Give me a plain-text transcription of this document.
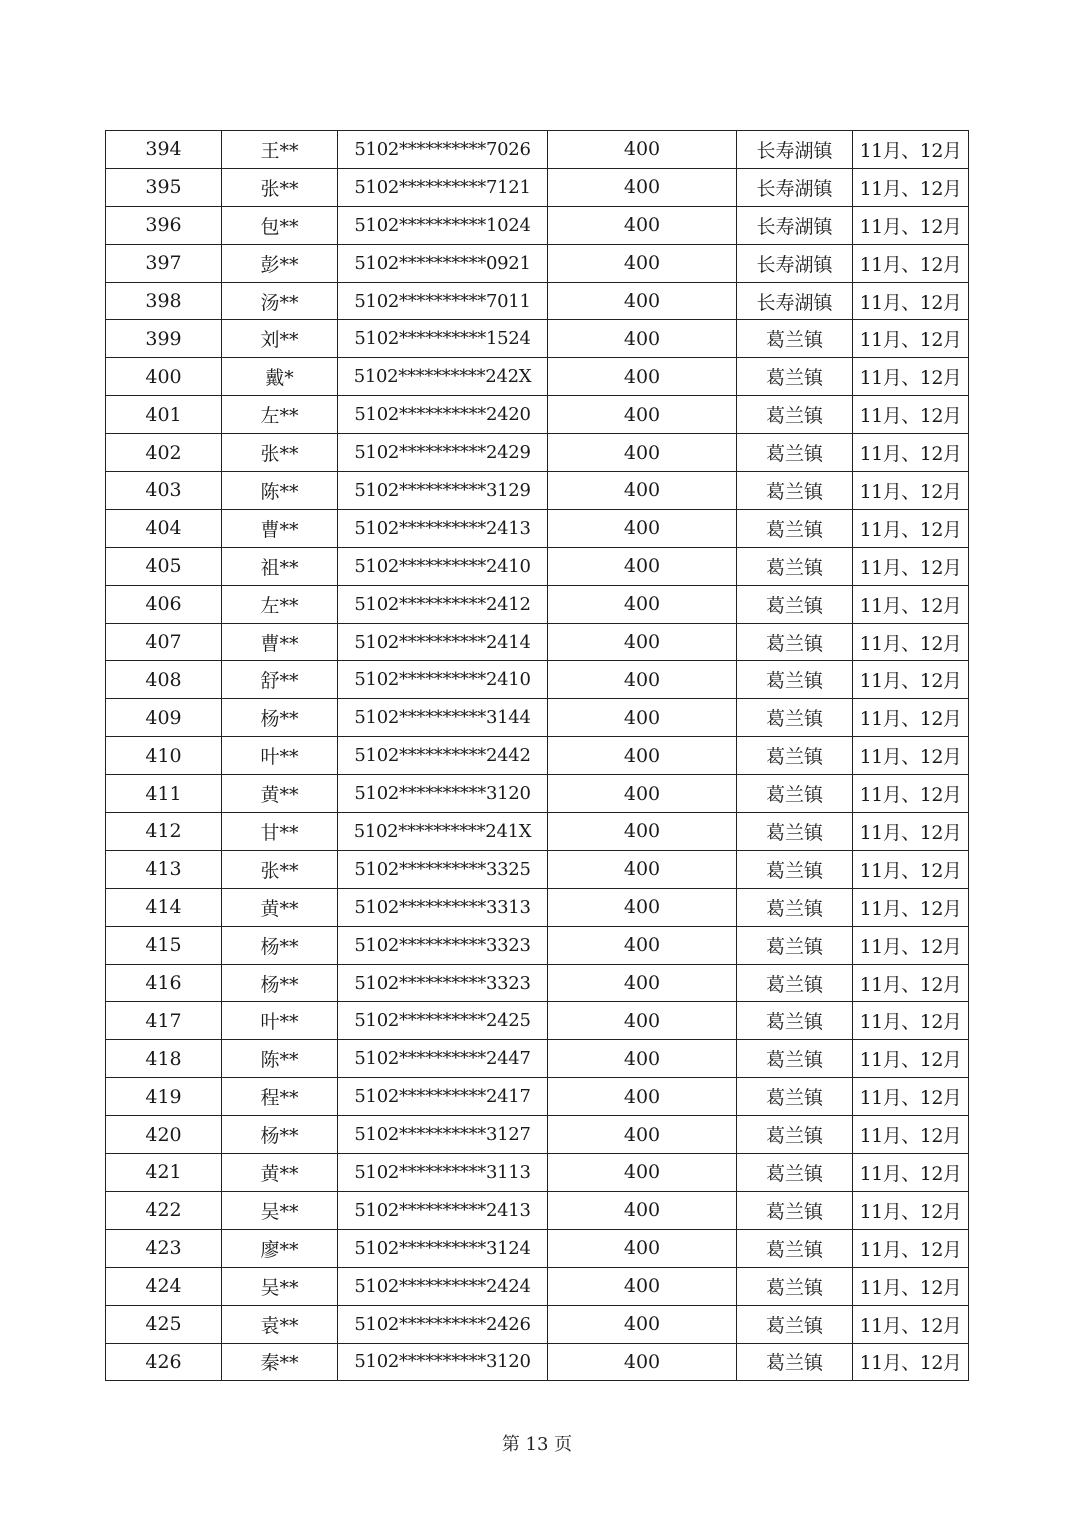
394	王**	5102**********7026	400	长寿湖镇	11月、12月
395	张**	5102**********7121	400	长寿湖镇	11月、12月
396	包**	5102**********1024	400	长寿湖镇	11月、12月
397	彭**	5102**********0921	400	长寿湖镇	11月、12月
398	汤**	5102**********7011	400	长寿湖镇	11月、12月
399	刘**	5102**********1524	400	葛兰镇	11月、12月
400	戴*	5102**********242X	400	葛兰镇	11月、12月
401	左**	5102**********2420	400	葛兰镇	11月、12月
402	张**	5102**********2429	400	葛兰镇	11月、12月
403	陈**	5102**********3129	400	葛兰镇	11月、12月
404	曹**	5102**********2413	400	葛兰镇	11月、12月
405	祖**	5102**********2410	400	葛兰镇	11月、12月
406	左**	5102**********2412	400	葛兰镇	11月、12月
407	曹**	5102**********2414	400	葛兰镇	11月、12月
408	舒**	5102**********2410	400	葛兰镇	11月、12月
409	杨**	5102**********3144	400	葛兰镇	11月、12月
410	叶**	5102**********2442	400	葛兰镇	11月、12月
411	黄**	5102**********3120	400	葛兰镇	11月、12月
412	甘**	5102**********241X	400	葛兰镇	11月、12月
413	张**	5102**********3325	400	葛兰镇	11月、12月
414	黄**	5102**********3313	400	葛兰镇	11月、12月
415	杨**	5102**********3323	400	葛兰镇	11月、12月
416	杨**	5102**********3323	400	葛兰镇	11月、12月
417	叶**	5102**********2425	400	葛兰镇	11月、12月
418	陈**	5102**********2447	400	葛兰镇	11月、12月
419	程**	5102**********2417	400	葛兰镇	11月、12月
420	杨**	5102**********3127	400	葛兰镇	11月、12月
421	黄**	5102**********3113	400	葛兰镇	11月、12月
422	吴**	5102**********2413	400	葛兰镇	11月、12月
423	廖**	5102**********3124	400	葛兰镇	11月、12月
424	吴**	5102**********2424	400	葛兰镇	11月、12月
425	袁**	5102**********2426	400	葛兰镇	11月、12月
426	秦**	5102**********3120	400	葛兰镇	11月、12月
第 13 页
